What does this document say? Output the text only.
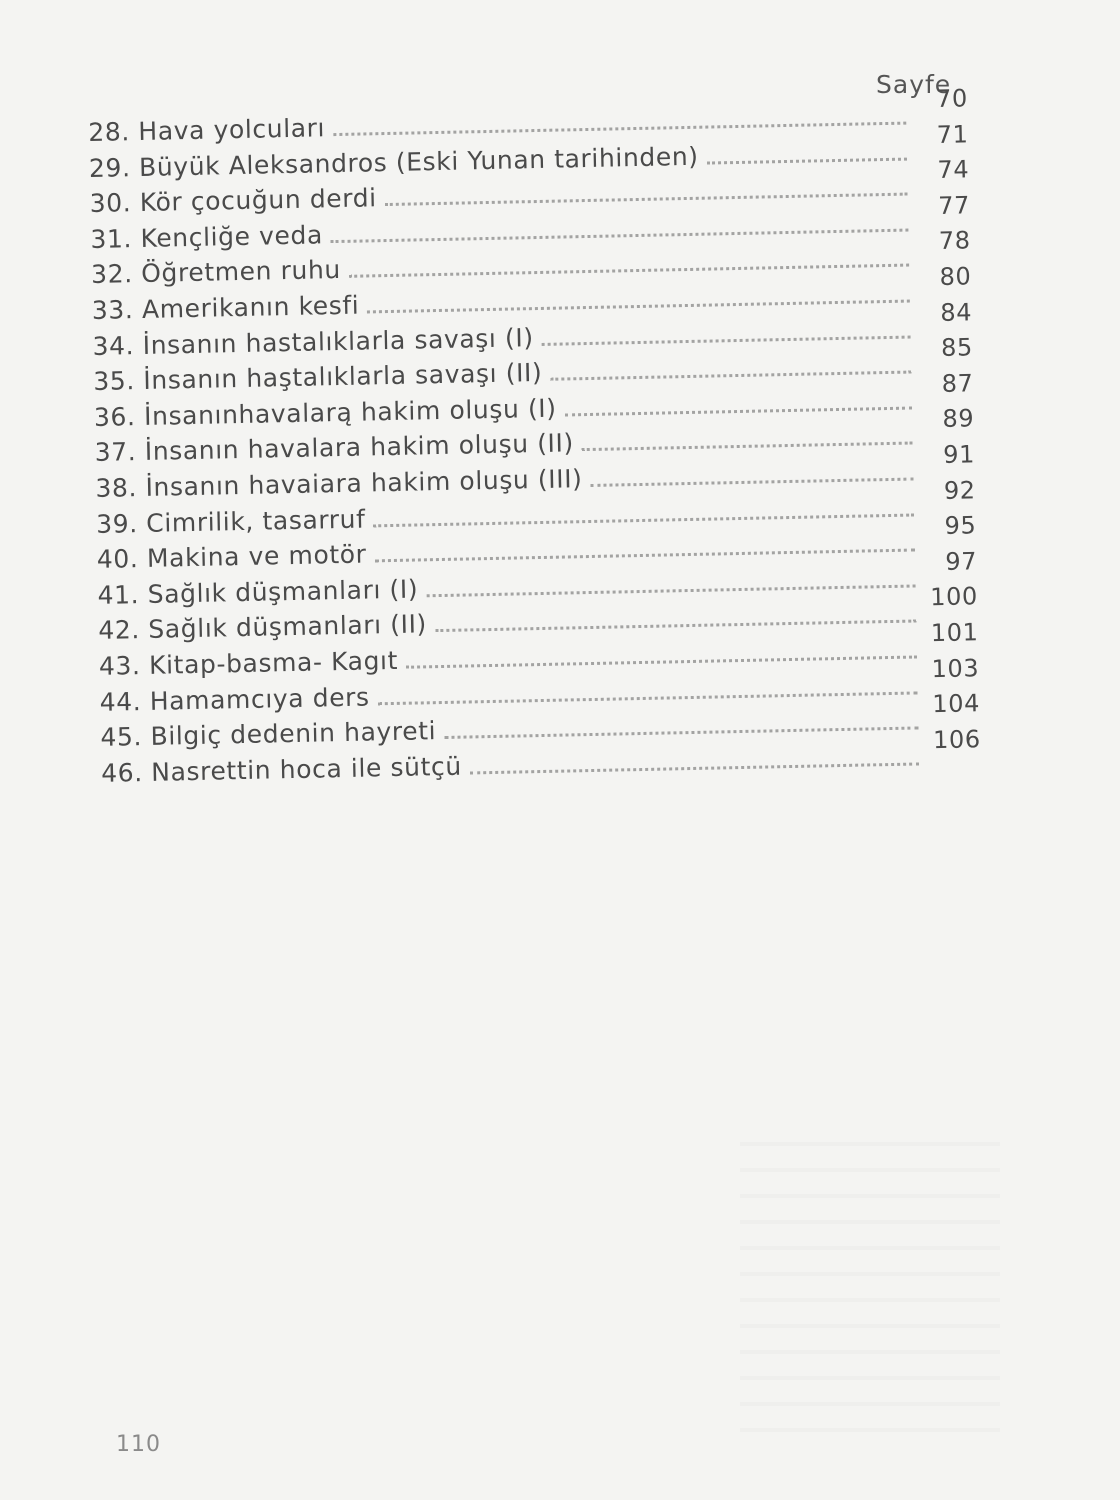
Sayfe
28. Hava yolcuları
70
29. Büyük Aleksandros (Eski Yunan tarihinden)
71
30. Kör çocuğun derdi
74
31. Kençliğe veda
77
32. Öğretmen ruhu
78
33. Amerikanın kesfi
80
34. İnsanın hastalıklarla savaşı (I)
84
35. İnsanın haştalıklarla savaşı (II)
85
36. İnsanınhavalarą hakim oluşu (I)
87
37. İnsanın havalara hakim oluşu (II)
89
38. İnsanın havaiara hakim oluşu (III)
91
39. Cimrilik, tasarruf
92
40. Makina ve motör
95
41. Sağlık düşmanları (I)
97
42. Sağlık düşmanları (II)
100
43. Kitap-basma- Kagıt
101
44. Hamamcıya ders
103
45. Bilgiç dedenin hayreti
104
46. Nasrettin hoca ile sütçü
106
110
